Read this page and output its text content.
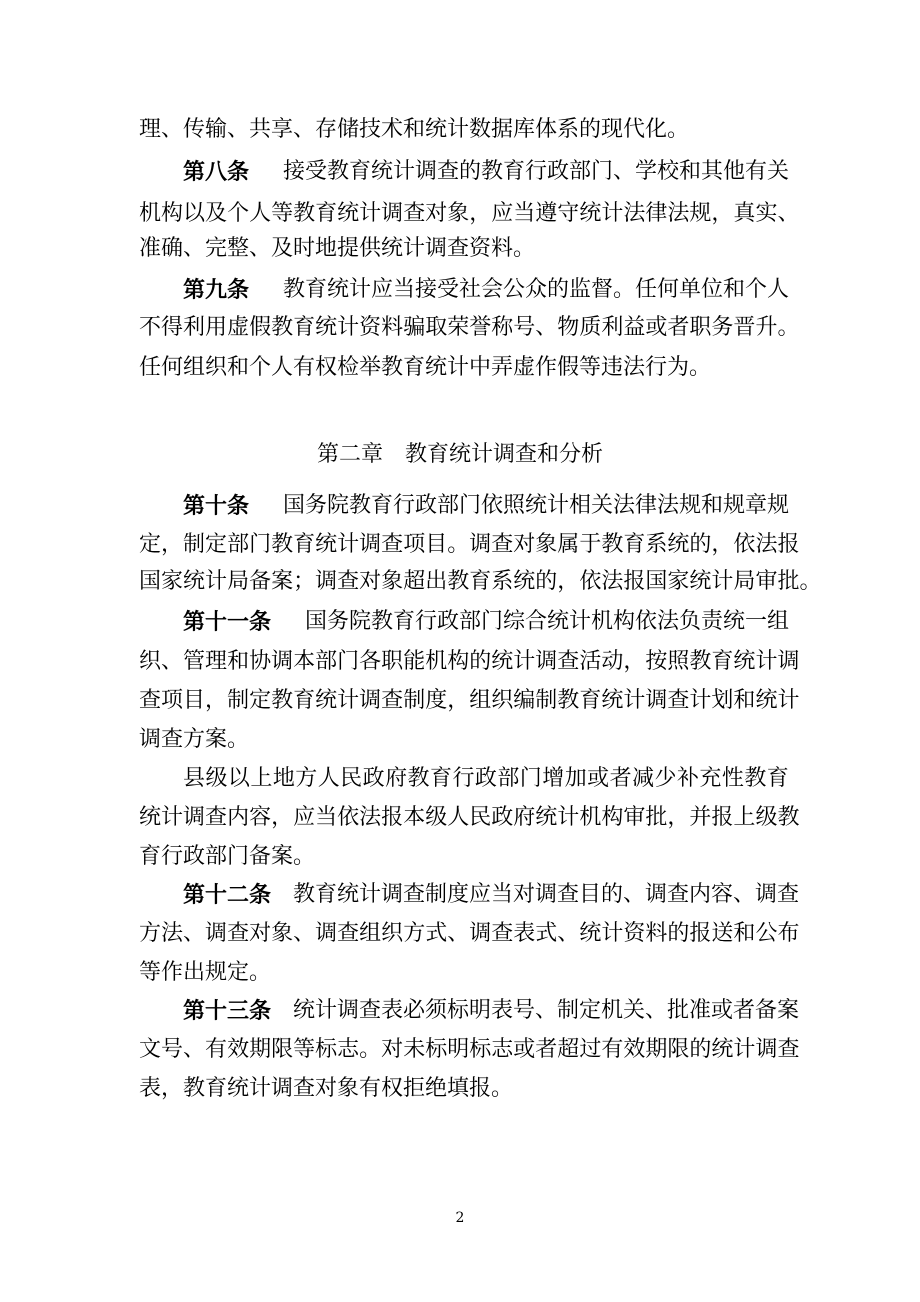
理、传输、共享、存储技术和统计数据库体系的现代化。
第八条 接受教育统计调查的教育行政部门、学校和其他有关
机 构 以 及 个 人 等 教 育 统 计 调 查 对 象 ， 应 当 遵 守 统 计 法 律 法 规 ， 真 实 、
准确、完整、及时地提供统计调查资料。
第九条 教育统计应当接受社会公众的监督。任何单位和个人
不 得 利 用 虚 假 教 育 统 计 资 料 骗 取 荣 誉 称 号 、 物 质 利 益 或 者 职 务 晋 升 。
任何组织和个人有权检举教育统计中弄虚作假等违法行为。
第二章　教育统计调查和分析
第十条 国务院教育行政部门依照统计相关法律法规和规章规
定 ， 制 定 部 门 教 育 统 计 调 查 项 目 。 调 查 对 象 属 于 教 育 系 统 的 ， 依 法 报
国 家 统 计 局 备 案 ； 调 查 对 象 超 出 教 育 系 统 的 ， 依 法 报 国 家 统 计 局 审 批 。
第十一条 国务院教育行政部门综合统计机构依法负责统一组
织 、 管 理 和 协 调 本 部 门 各 职 能 机 构 的 统 计 调 查 活 动 ， 按 照 教 育 统 计 调
查 项 目 ， 制 定 教 育 统 计 调 查 制 度 ， 组 织 编 制 教 育 统 计 调 查 计 划 和 统 计
调查方案。
县 级 以 上 地 方 人 民 政 府 教 育 行 政 部 门 增 加 或 者 减 少 补 充 性 教 育
统 计 调 查 内 容 ， 应 当 依 法 报 本 级 人 民 政 府 统 计 机 构 审 批 ， 并 报 上 级 教
育行政部门备案。
第十二条 教育统计调查制度应当对调查目的、调查内容、调查
方 法 、 调 查 对 象 、 调 查 组 织 方 式 、 调 查 表 式 、 统 计 资 料 的 报 送 和 公 布
等作出规定。
第十三条 统计调查表必须标明表号、制定机关、批准或者备案
文 号 、 有 效 期 限 等 标 志 。 对 未 标 明 标 志 或 者 超 过 有 效 期 限 的 统 计 调 查
表，教育统计调查对象有权拒绝填报。
2
